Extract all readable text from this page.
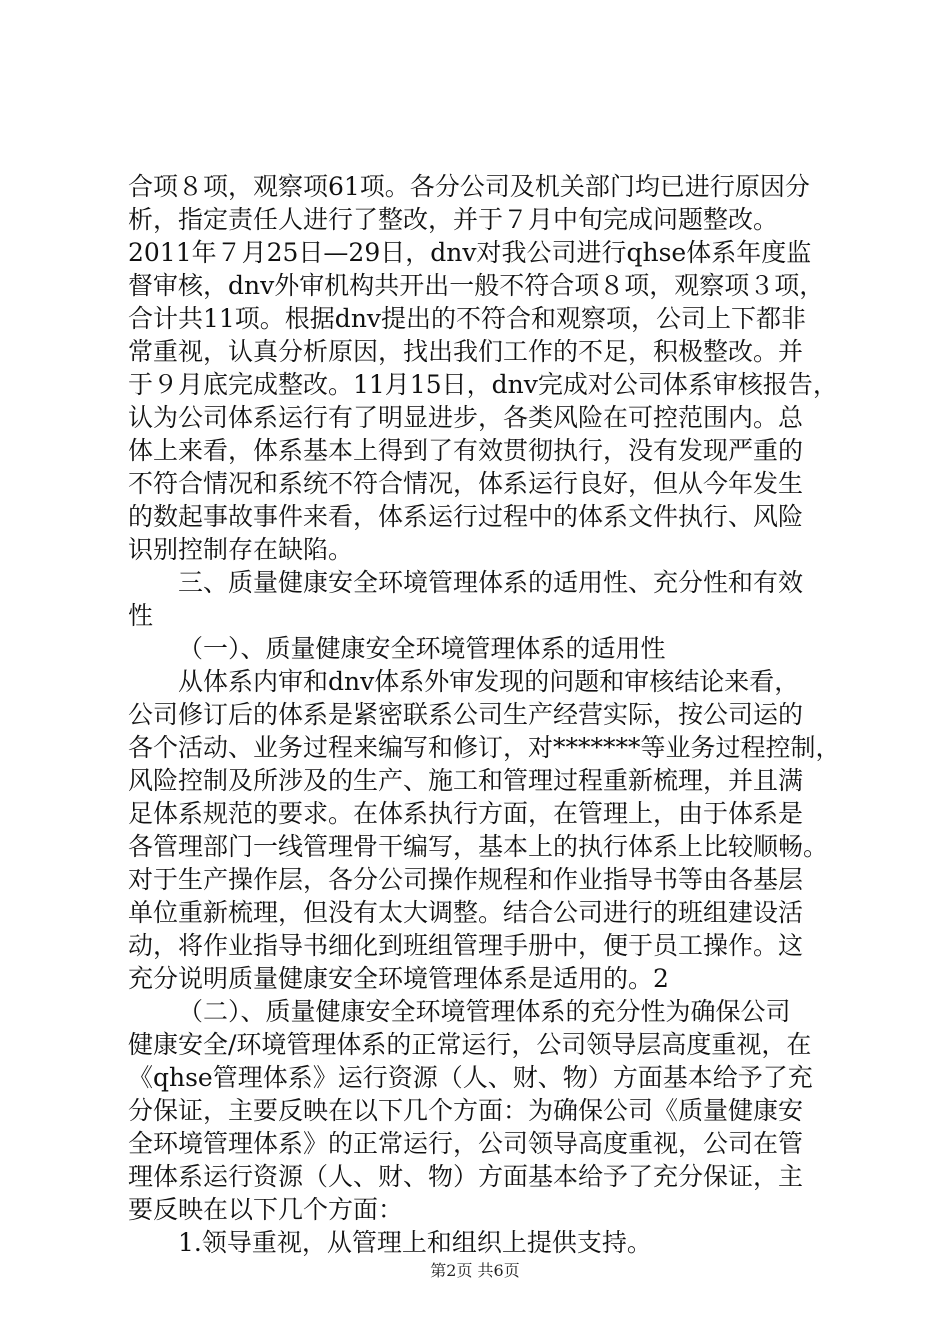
合项８项，观察项61项。各分公司及机关部门均已进行原因分
析，指定责任人进行了整改，并于７月中旬完成问题整改。
2011年７月25日—29日，dnv对我公司进行qhse体系年度监
督审核，dnv外审机构共开出一般不符合项８项，观察项３项，
合计共11项。根据dnv提出的不符合和观察项，公司上下都非
常重视，认真分析原因，找出我们工作的不足，积极整改。并
于９月底完成整改。11月15日，dnv完成对公司体系审核报告，
认为公司体系运行有了明显进步，各类风险在可控范围内。总
体上来看，体系基本上得到了有效贯彻执行，没有发现严重的
不符合情况和系统不符合情况，体系运行良好，但从今年发生
的数起事故事件来看，体系运行过程中的体系文件执行、风险
识别控制存在缺陷。
三、质量健康安全环境管理体系的适用性、充分性和有效
性
（一）、质量健康安全环境管理体系的适用性
从体系内审和dnv体系外审发现的问题和审核结论来看，
公司修订后的体系是紧密联系公司生产经营实际，按公司运的
各个活动、业务过程来编写和修订，对*******等业务过程控制，
风险控制及所涉及的生产、施工和管理过程重新梳理，并且满
足体系规范的要求。在体系执行方面，在管理上，由于体系是
各管理部门一线管理骨干编写，基本上的执行体系上比较顺畅。
对于生产操作层，各分公司操作规程和作业指导书等由各基层
单位重新梳理，但没有太大调整。结合公司进行的班组建设活
动，将作业指导书细化到班组管理手册中，便于员工操作。这
充分说明质量健康安全环境管理体系是适用的。2
（二）、质量健康安全环境管理体系的充分性为确保公司
健康安全/环境管理体系的正常运行，公司领导层高度重视，在
《qhse管理体系》运行资源（人、财、物）方面基本给予了充
分保证，主要反映在以下几个方面：为确保公司《质量健康安
全环境管理体系》的正常运行，公司领导高度重视，公司在管
理体系运行资源（人、财、物）方面基本给予了充分保证，主
要反映在以下几个方面：
1.领导重视，从管理上和组织上提供支持。
第2页 共6页
